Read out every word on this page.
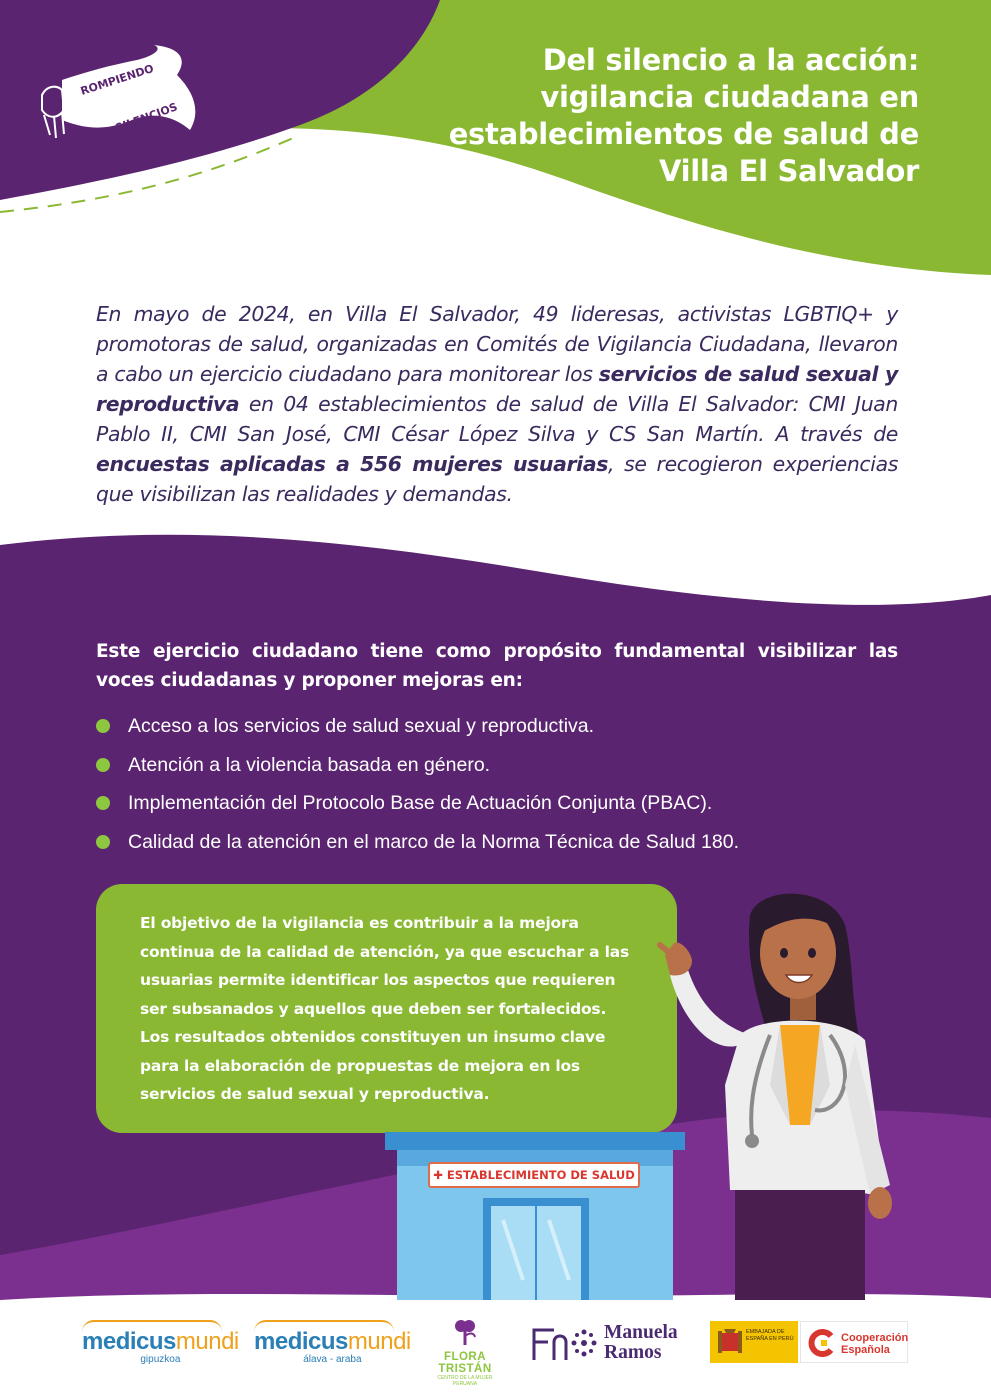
ROMPIENDO
SILENCIOS
Del silencio a la acción:
vigilancia ciudadana en
establecimientos de salud de
Villa El Salvador

En mayo de 2024, en Villa El Salvador, 49 lideresas, activistas LGBTIQ+ y promotoras de salud, organizadas en Comités de Vigilancia Ciudadana, llevaron a cabo un ejercicio ciudadano para monitorear los servicios de salud sexual y reproductiva en 04 establecimientos de salud de Villa El Salvador: CMI Juan Pablo II, CMI San José, CMI César López Silva y CS San Martín. A través de encuestas aplicadas a 556 mujeres usuarias, se recogieron experiencias que visibilizan las realidades y demandas.

Este ejercicio ciudadano tiene como propósito fundamental visibilizar las voces ciudadanas y proponer mejoras en:

Acceso a los servicios de salud sexual y reproductiva.
Atención a la violencia basada en género.
Implementación del Protocolo Base de Actuación Conjunta (PBAC).
Calidad de la atención en el marco de la Norma Técnica de Salud 180.

El objetivo de la vigilancia es contribuir a la mejora continua de la calidad de atención, ya que escuchar a las usuarias permite identificar los aspectos que requieren ser subsanados y aquellos que deben ser fortalecidos. Los resultados obtenidos constituyen un insumo clave para la elaboración de propuestas de mejora en los servicios de salud sexual y reproductiva.

✚ ESTABLECIMIENTO DE SALUD
medicusmundi
gipuzkoa
medicusmundi
álava - araba	FLORA
TRISTÁN
CENTRO DE LA MUJER PERUANA
Manuela
Ramos
EMBAJADA DE ESPAÑA EN PERÚ	Cooperación
Española
